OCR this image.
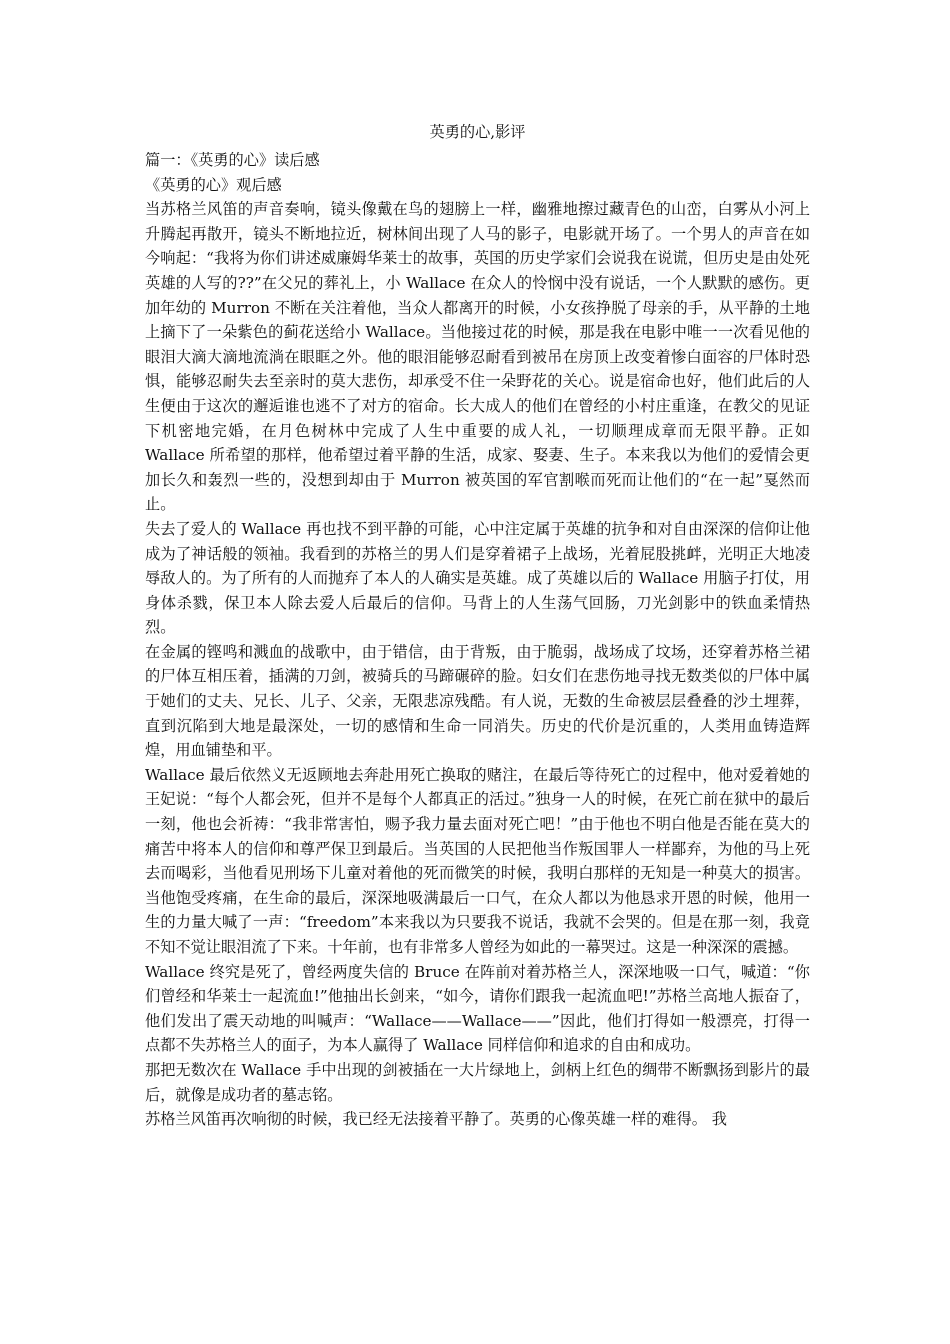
英勇的心,影评

篇一：《英勇的心》读后感

《英勇的心》观后感

当苏格兰风笛的声音奏响，镜头像戴在鸟的翅膀上一样，幽雅地擦过藏青色的山峦，白雾从小河上升腾起再散开，镜头不断地拉近，树林间出现了人马的影子，电影就开场了。一个男人的声音在如今响起：“我将为你们讲述威廉姆华莱士的故事，英国的历史学家们会说我在说谎，但历史是由处死英雄的人写的??”在父兄的葬礼上，小 Wallace 在众人的怜悯中没有说话，一个人默默的感伤。更加年幼的 Murron 不断在关注着他，当众人都离开的时候，小女孩挣脱了母亲的手，从平静的土地上摘下了一朵紫色的蓟花送给小 Wallace。当他接过花的时候，那是我在电影中唯一一次看见他的眼泪大滴大滴地流淌在眼眶之外。他的眼泪能够忍耐看到被吊在房顶上改变着惨白面容的尸体时恐惧，能够忍耐失去至亲时的莫大悲伤，却承受不住一朵野花的关心。说是宿命也好，他们此后的人生便由于这次的邂逅谁也逃不了对方的宿命。长大成人的他们在曾经的小村庄重逢，在教父的见证下机密地完婚，在月色树林中完成了人生中重要的成人礼，一切顺理成章而无限平静。正如 Wallace 所希望的那样，他希望过着平静的生活，成家、娶妻、生子。本来我以为他们的爱情会更加长久和轰烈一些的，没想到却由于 Murron 被英国的军官割喉而死而让他们的“在一起”戛然而止。

失去了爱人的 Wallace 再也找不到平静的可能，心中注定属于英雄的抗争和对自由深深的信仰让他成为了神话般的领袖。我看到的苏格兰的男人们是穿着裙子上战场，光着屁股挑衅，光明正大地凌辱敌人的。为了所有的人而抛弃了本人的人确实是英雄。成了英雄以后的 Wallace 用脑子打仗，用身体杀戮，保卫本人除去爱人后最后的信仰。马背上的人生荡气回肠，刀光剑影中的铁血柔情热烈。

在金属的铿鸣和溅血的战歌中，由于错信，由于背叛，由于脆弱，战场成了坟场，还穿着苏格兰裙的尸体互相压着，插满的刀剑，被骑兵的马蹄碾碎的脸。妇女们在悲伤地寻找无数类似的尸体中属于她们的丈夫、兄长、儿子、父亲，无限悲凉残酷。有人说，无数的生命被层层叠叠的沙土埋葬，直到沉陷到大地是最深处，一切的感情和生命一同消失。历史的代价是沉重的，人类用血铸造辉煌，用血铺垫和平。

Wallace 最后依然义无返顾地去奔赴用死亡换取的赌注，在最后等待死亡的过程中，他对爱着她的王妃说：“每个人都会死，但并不是每个人都真正的活过。”独身一人的时候，在死亡前在狱中的最后一刻，他也会祈祷：“我非常害怕，赐予我力量去面对死亡吧！”由于他也不明白他是否能在莫大的痛苦中将本人的信仰和尊严保卫到最后。当英国的人民把他当作叛国罪人一样鄙弃，为他的马上死去而喝彩，当他看见刑场下儿童对着他的死而微笑的时候，我明白那样的无知是一种莫大的损害。当他饱受疼痛，在生命的最后，深深地吸满最后一口气，在众人都以为他恳求开恩的时候，他用一生的力量大喊了一声：“freedom”本来我以为只要我不说话，我就不会哭的。但是在那一刻，我竟不知不觉让眼泪流了下来。十年前，也有非常多人曾经为如此的一幕哭过。这是一种深深的震撼。

Wallace 终究是死了，曾经两度失信的 Bruce 在阵前对着苏格兰人，深深地吸一口气，喊道：“你们曾经和华莱士一起流血!”他抽出长剑来，“如今，请你们跟我一起流血吧!”苏格兰高地人振奋了，他们发出了震天动地的叫喊声：“Wallace——Wallace——”因此，他们打得如一般漂亮，打得一点都不失苏格兰人的面子，为本人赢得了 Wallace 同样信仰和追求的自由和成功。

那把无数次在 Wallace 手中出现的剑被插在一大片绿地上，剑柄上红色的绸带不断飘扬到影片的最后，就像是成功者的墓志铭。

苏格兰风笛再次响彻的时候，我已经无法接着平静了。英勇的心像英雄一样的难得。 我
